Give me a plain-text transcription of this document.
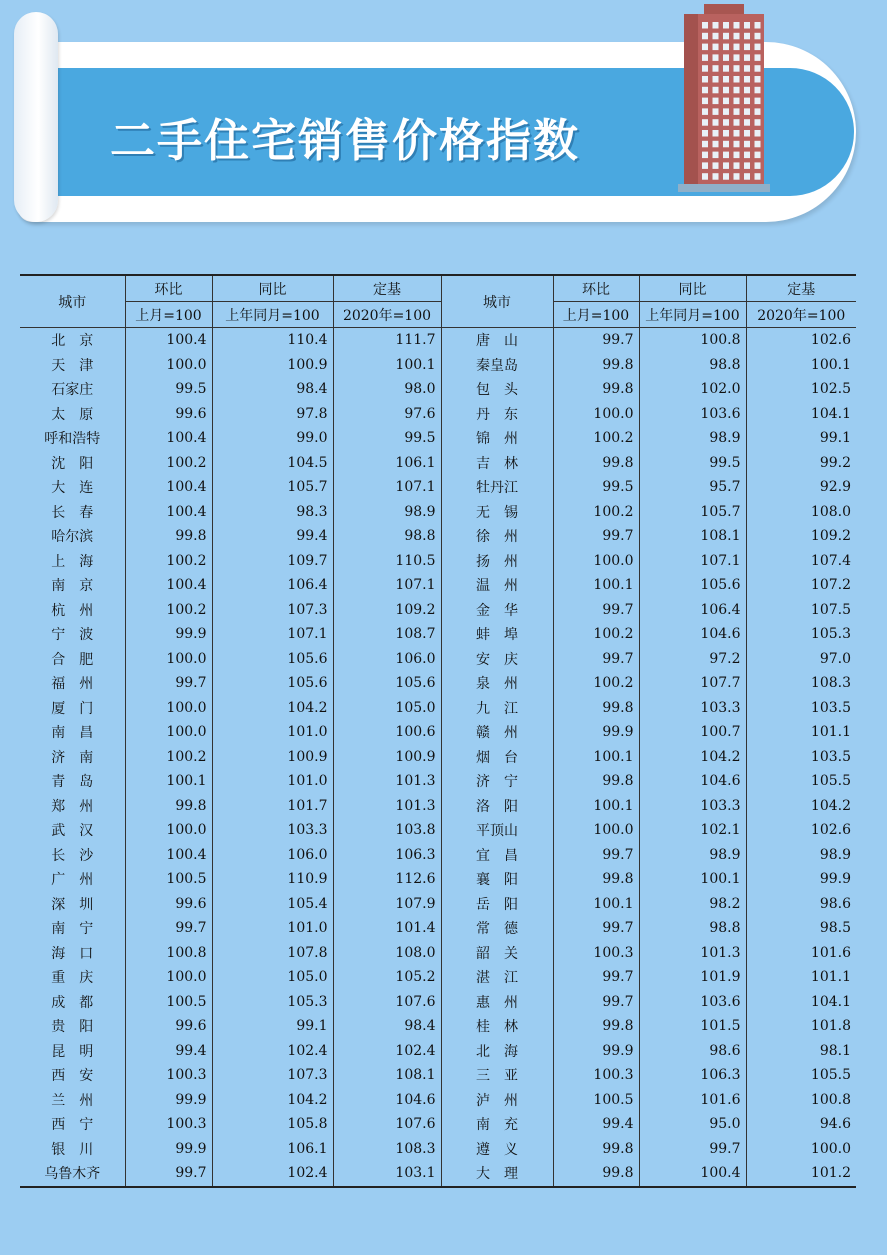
二手住宅销售价格指数
城市	环比	同比	定基	城市	环比	同比	定基
	上月=100	上年同月=100	2020年=100		上月=100	上年同月=100	2020年=100
北　京	100.4	110.4	111.7	唐　山	99.7	100.8	102.6
天　津	100.0	100.9	100.1	秦皇岛	99.8	98.8	100.1
石家庄	99.5	98.4	98.0	包　头	99.8	102.0	102.5
太　原	99.6	97.8	97.6	丹　东	100.0	103.6	104.1
呼和浩特	100.4	99.0	99.5	锦　州	100.2	98.9	99.1
沈　阳	100.2	104.5	106.1	吉　林	99.8	99.5	99.2
大　连	100.4	105.7	107.1	牡丹江	99.5	95.7	92.9
长　春	100.4	98.3	98.9	无　锡	100.2	105.7	108.0
哈尔滨	99.8	99.4	98.8	徐　州	99.7	108.1	109.2
上　海	100.2	109.7	110.5	扬　州	100.0	107.1	107.4
南　京	100.4	106.4	107.1	温　州	100.1	105.6	107.2
杭　州	100.2	107.3	109.2	金　华	99.7	106.4	107.5
宁　波	99.9	107.1	108.7	蚌　埠	100.2	104.6	105.3
合　肥	100.0	105.6	106.0	安　庆	99.7	97.2	97.0
福　州	99.7	105.6	105.6	泉　州	100.2	107.7	108.3
厦　门	100.0	104.2	105.0	九　江	99.8	103.3	103.5
南　昌	100.0	101.0	100.6	赣　州	99.9	100.7	101.1
济　南	100.2	100.9	100.9	烟　台	100.1	104.2	103.5
青　岛	100.1	101.0	101.3	济　宁	99.8	104.6	105.5
郑　州	99.8	101.7	101.3	洛　阳	100.1	103.3	104.2
武　汉	100.0	103.3	103.8	平顶山	100.0	102.1	102.6
长　沙	100.4	106.0	106.3	宜　昌	99.7	98.9	98.9
广　州	100.5	110.9	112.6	襄　阳	99.8	100.1	99.9
深　圳	99.6	105.4	107.9	岳　阳	100.1	98.2	98.6
南　宁	99.7	101.0	101.4	常　德	99.7	98.8	98.5
海　口	100.8	107.8	108.0	韶　关	100.3	101.3	101.6
重　庆	100.0	105.0	105.2	湛　江	99.7	101.9	101.1
成　都	100.5	105.3	107.6	惠　州	99.7	103.6	104.1
贵　阳	99.6	99.1	98.4	桂　林	99.8	101.5	101.8
昆　明	99.4	102.4	102.4	北　海	99.9	98.6	98.1
西　安	100.3	107.3	108.1	三　亚	100.3	106.3	105.5
兰　州	99.9	104.2	104.6	泸　州	100.5	101.6	100.8
西　宁	100.3	105.8	107.6	南　充	99.4	95.0	94.6
银　川	99.9	106.1	108.3	遵　义	99.8	99.7	100.0
乌鲁木齐	99.7	102.4	103.1	大　理	99.8	100.4	101.2
